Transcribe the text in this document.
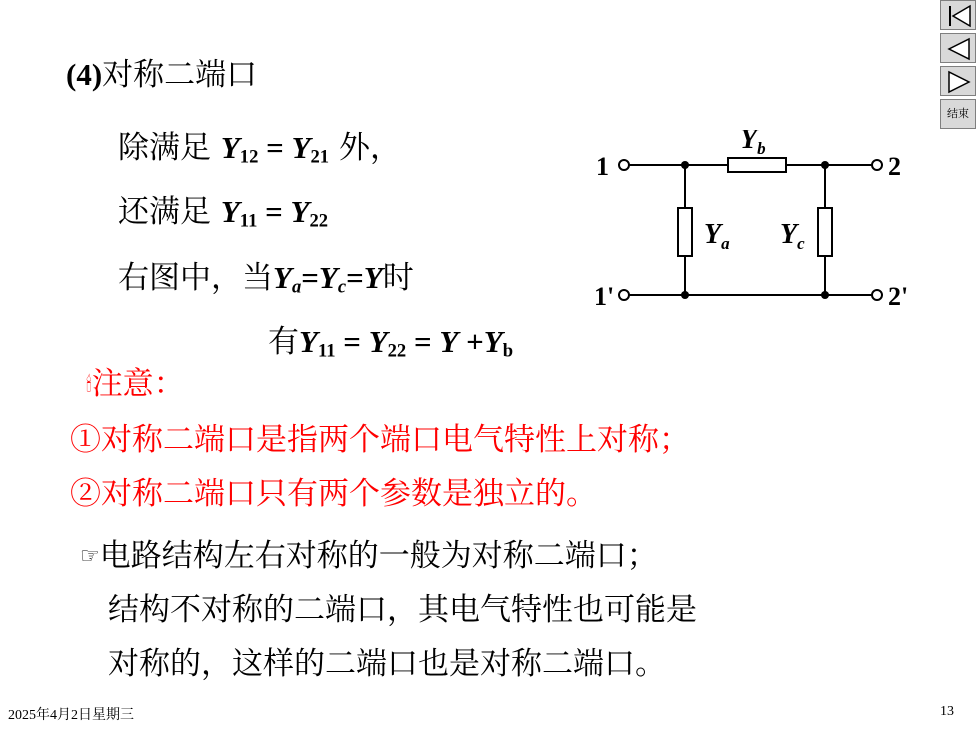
(4)对称二端口
除满足 $Y_{12} = Y_{21}$ 外，
还满足 $Y_{11} = Y_{22}$
右图中，当$Y_a=Y_c=Y$时
有$Y_{11} = Y_{22} = Y +Y_b$
🕯注意：
①对称二端口是指两个端口电气特性上对称；
②对称二端口只有两个参数是独立的。
☞电路结构左右对称的一般为对称二端口；
结构不对称的二端口，其电气特性也可能是
对称的，这样的二端口也是对称二端口。
1
1'
2
2'
$Y_b$
$Y_a$ $Y_c$
结束
2025年4月2日星期三	13
